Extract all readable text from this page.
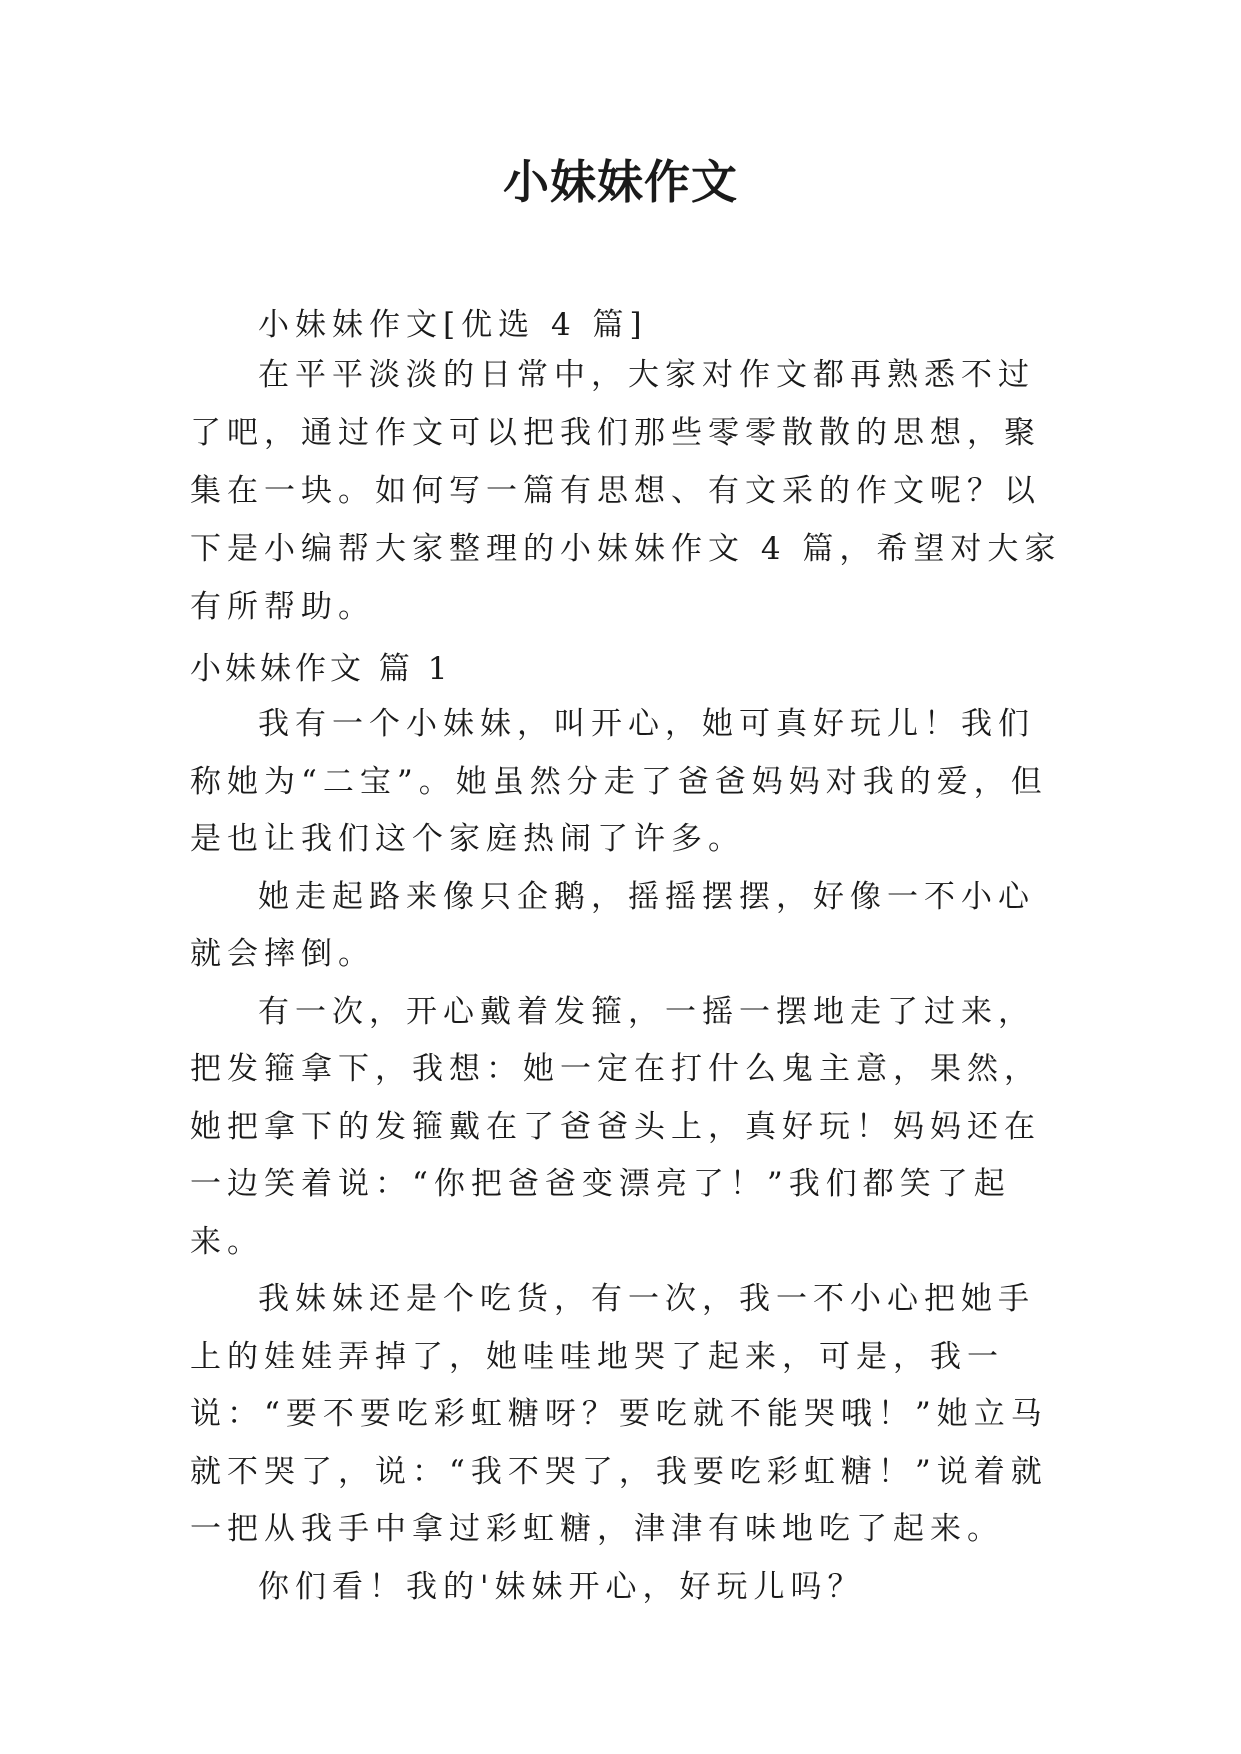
小妹妹作文

小妹妹作文[优选 4 篇]

在平平淡淡的日常中，大家对作文都再熟悉不过了吧，通过作文可以把我们那些零零散散的思想，聚集在一块。如何写一篇有思想、有文采的作文呢？以下是小编帮大家整理的小妹妹作文 4 篇，希望对大家有所帮助。

小妹妹作文 篇 1

我有一个小妹妹，叫开心，她可真好玩儿！我们称她为“二宝”。她虽然分走了爸爸妈妈对我的爱，但是也让我们这个家庭热闹了许多。

她走起路来像只企鹅，摇摇摆摆，好像一不小心就会摔倒。

有一次，开心戴着发箍，一摇一摆地走了过来，把发箍拿下，我想：她一定在打什么鬼主意，果然，她把拿下的发箍戴在了爸爸头上，真好玩！妈妈还在一边笑着说：“你把爸爸变漂亮了！”我们都笑了起来。

我妹妹还是个吃货，有一次，我一不小心把她手上的娃娃弄掉了，她哇哇地哭了起来，可是，我一说：“要不要吃彩虹糖呀？要吃就不能哭哦！”她立马就不哭了，说：“我不哭了，我要吃彩虹糖！”说着就一把从我手中拿过彩虹糖，津津有味地吃了起来。

你们看！我的'妹妹开心，好玩儿吗？
